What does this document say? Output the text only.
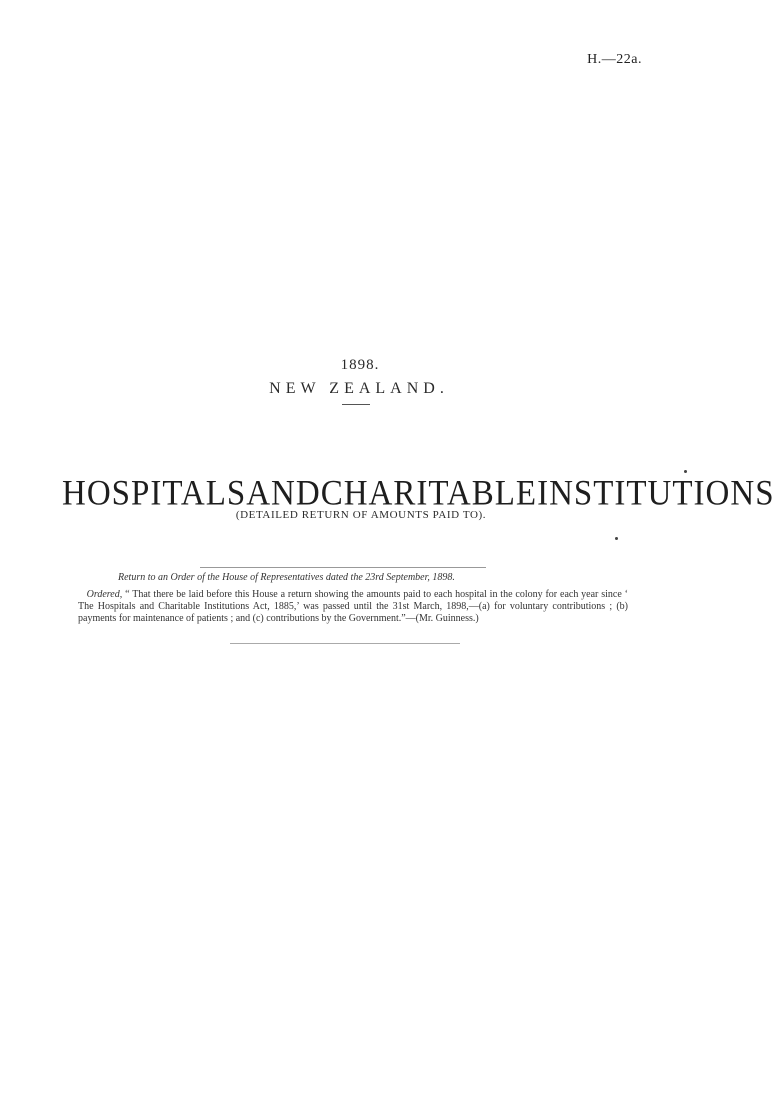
H.—22a.
1898.
NEW ZEALAND.
HOSPITALS AND CHARITABLE INSTITUTIONS
(DETAILED RETURN OF AMOUNTS PAID TO).
Return to an Order of the House of Representatives dated the 23rd September, 1898.
Ordered, “ That there be laid before this House a return showing the amounts paid to each hospital in the colony for each year since ‘ The Hospitals and Charitable Institutions Act, 1885,’ was passed until the 31st March, 1898,—(a) for voluntary contributions ; (b) payments for maintenance of patients ; and (c) contributions by the Government.”—(Mr. Guinness.)
